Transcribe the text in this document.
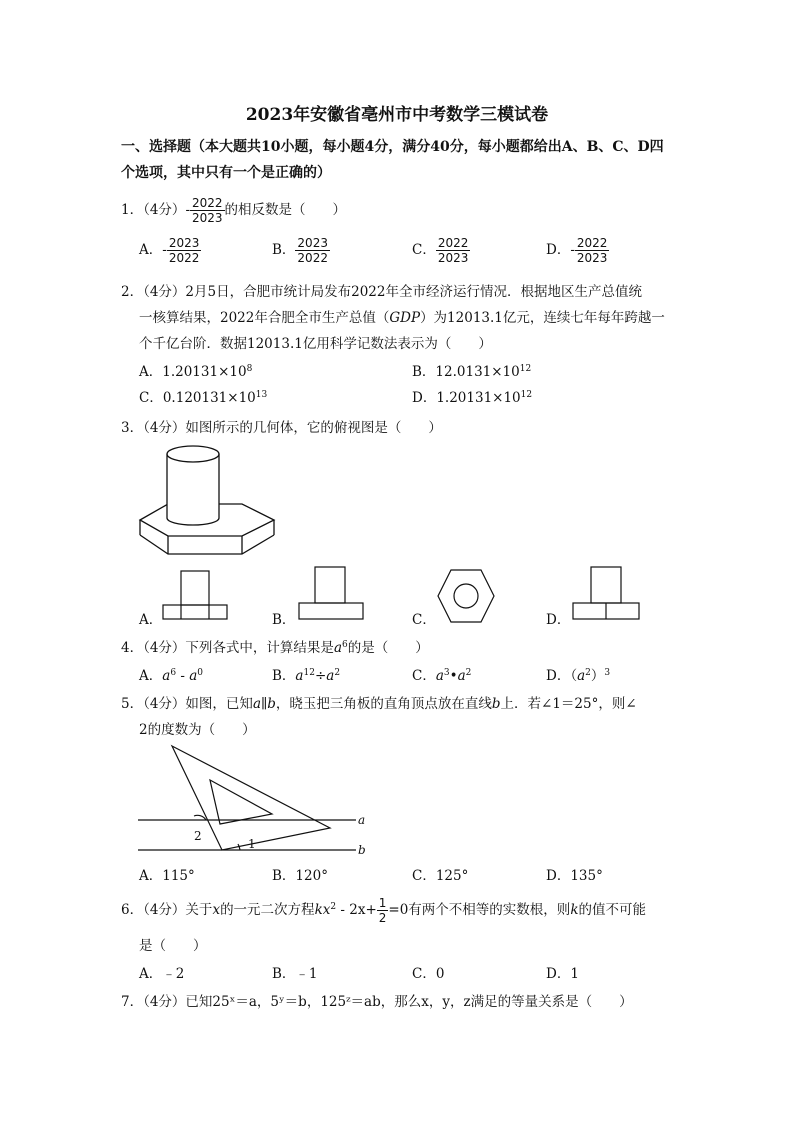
2023年安徽省亳州市中考数学三模试卷
一、选择题（本大题共10小题，每小题4分，满分40分，每小题都给出A、B、C、D四
个选项，其中只有一个是正确的）
1．（4分）- $\frac{2022}{2023}$ 的相反数是（　　）
A．- $\frac{2023}{2022}$	B． $\frac{2023}{2022}$	C． $\frac{2022}{2023}$	D．- $\frac{2022}{2023}$
2．（4分）2月5日，合肥市统计局发布2022年全市经济运行情况．根据地区生产总值统
一核算结果，2022年合肥全市生产总值（GDP）为12013.1亿元，连续七年每年跨越一
个千亿台阶．数据12013.1亿用科学记数法表示为（　　）
A．$1.20131\times 10^8$	B．$12.0131\times 10^{12}$
C．$0.120131\times 10^{13}$	D．$1.20131\times 10^{12}$
3．（4分）如图所示的几何体，它的俯视图是（　　）
A．	B．	C．	D．
4．（4分）下列各式中，计算结果是$a^6$的是（　　）
A．$a^6 - a^0$	B．$a^{12}\div a^2$	C．$a^3•a^2$	D．$(a^2)^3$
5．（4分）如图，已知a∥b，晓玉把三角板的直角顶点放在直线b上．若∠1＝25°，则∠
2的度数为（　　）
a
b
1
2
A．115°	B．120°	C．125°	D．135°
6．（4分）关于x的一元二次方程$kx^2 - 2x+ \frac{1}{2} =0$有两个不相等的实数根，则k的值不可能
是（　　）
A．﹣2	B．﹣1	C．0	D．1
7．（4分）已知25ˣ＝a，5ʸ＝b，125ᶻ＝ab，那么x，y，z满足的等量关系是（　　）
